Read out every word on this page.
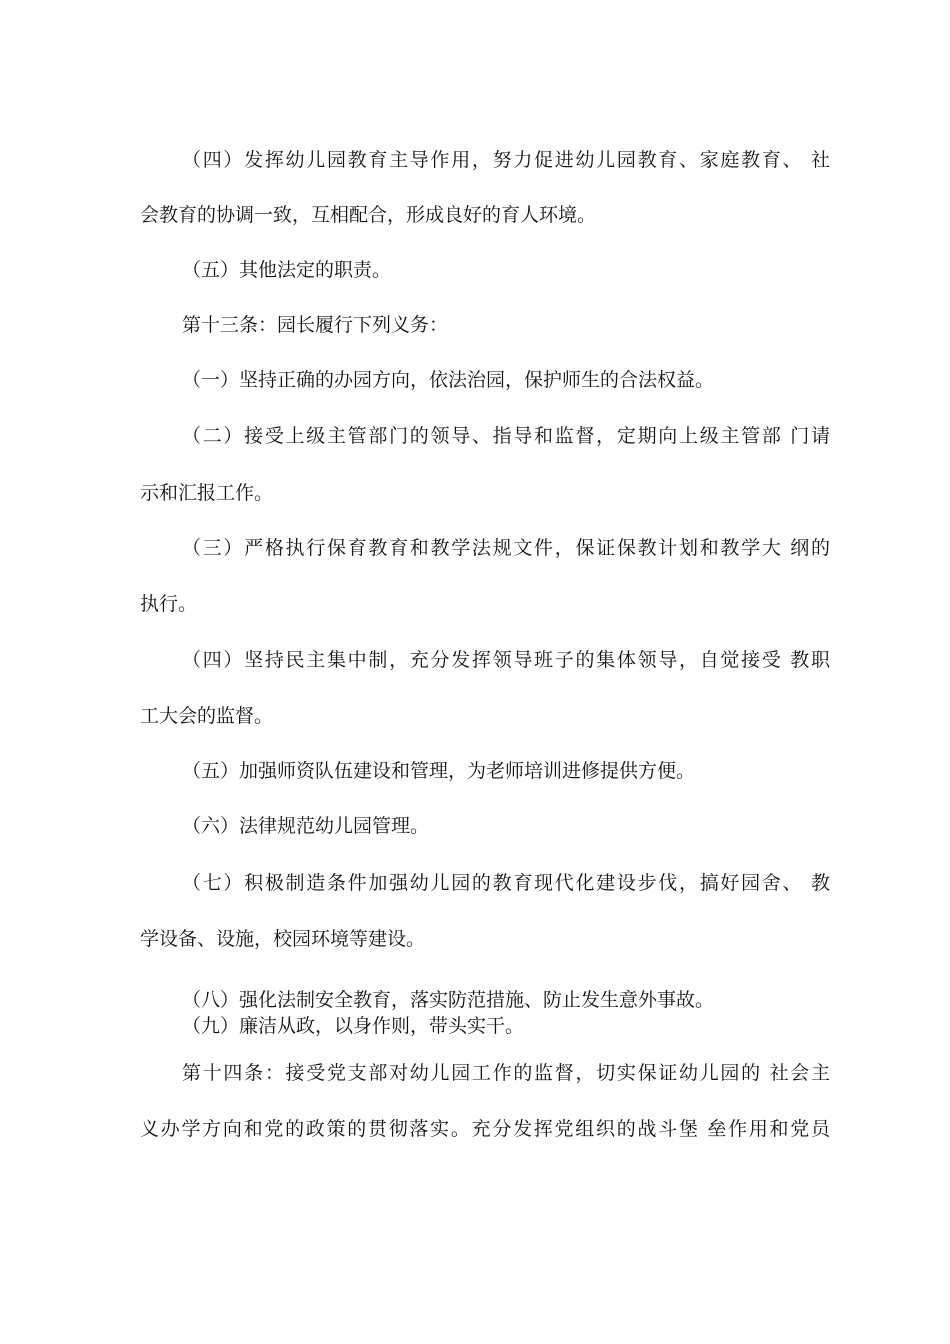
（四）发挥幼儿园教育主导作用，努力促进幼儿园教育、家庭教育、 社
会教育的协调一致，互相配合，形成良好的育人环境。
（五）其他法定的职责。
第十三条：园长履行下列义务：
（一）坚持正确的办园方向，依法治园，保护师生的合法权益。
（二）接受上级主管部门的领导、指导和监督，定期向上级主管部 门请
示和汇报工作。
（三）严格执行保育教育和教学法规文件，保证保教计划和教学大 纲的
执行。
（四）坚持民主集中制，充分发挥领导班子的集体领导，自觉接受 教职
工大会的监督。
（五）加强师资队伍建设和管理，为老师培训进修提供方便。
（六）法律规范幼儿园管理。
（七）积极制造条件加强幼儿园的教育现代化建设步伐，搞好园舍、 教
学设备、设施，校园环境等建设。
（八）强化法制安全教育，落实防范措施、防止发生意外事故。
（九）廉洁从政，以身作则，带头实干。
第十四条：接受党支部对幼儿园工作的监督，切实保证幼儿园的 社会主
义办学方向和党的政策的贯彻落实。充分发挥党组织的战斗堡 垒作用和党员
